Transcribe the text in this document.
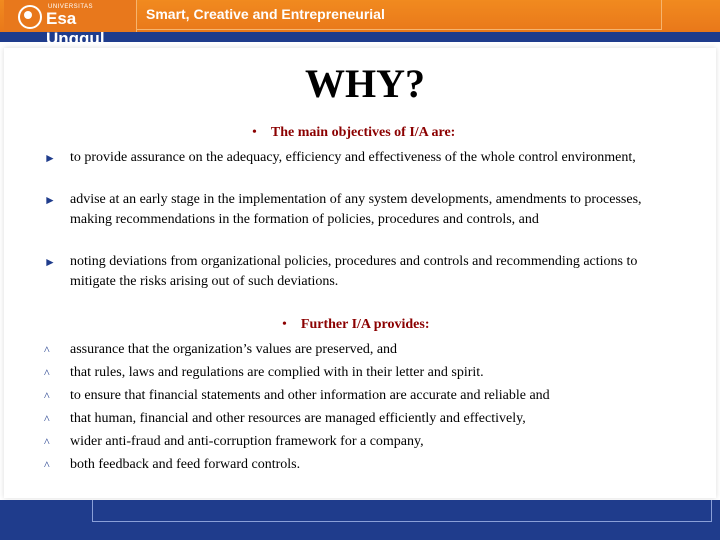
UNIVERSITAS
Esa Unggul
Smart, Creative and Entrepreneurial
WHY?
• The main objectives of I/A are:
►	to provide assurance on the adequacy, efficiency and effectiveness of the whole control environment,
►	advise at an early stage in the implementation of any system developments, amendments to processes, making recommendations in the formation of policies, procedures and controls, and
►	noting deviations from organizational policies, procedures and controls and recommending actions to mitigate the risks arising out of such deviations.
• Further I/A provides:
^	assurance that the organization’s values are preserved, and
^	that rules, laws and regulations are complied with in their letter and spirit.
^	to ensure that financial statements and other information are accurate and reliable and
^	that human, financial and other resources are managed efficiently and effectively,
^	wider anti-fraud and anti-corruption framework for a company,
^	both feedback and feed forward controls.
